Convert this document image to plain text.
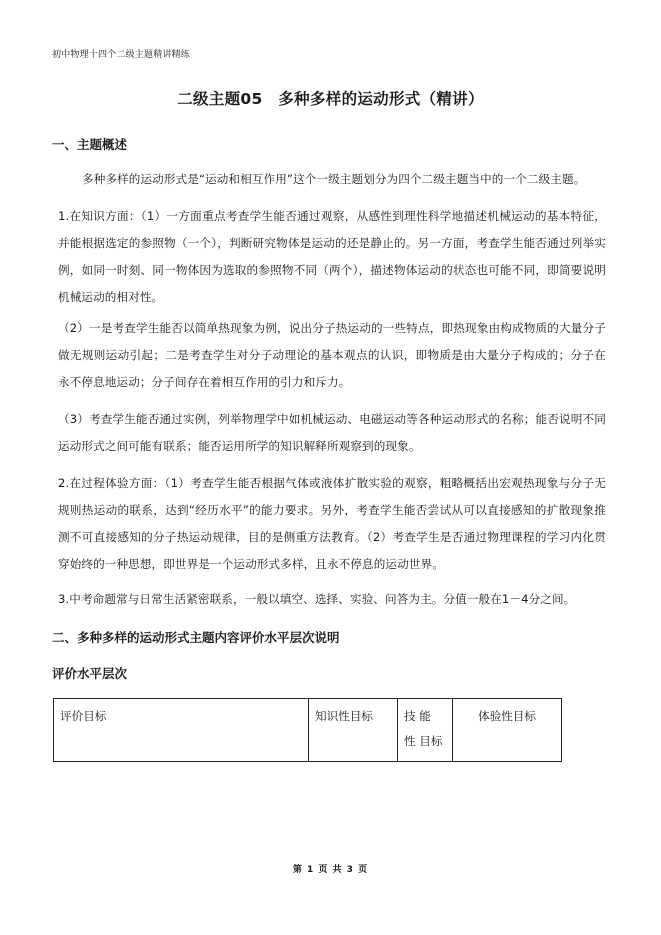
初中物理十四个二级主题精讲精练
二级主题05　多种多样的运动形式（精讲）
一、主题概述
多种多样的运动形式是“运动和相互作用”这个一级主题划分为四个二级主题当中的一个二级主题。
1.在知识方面：（1）一方面重点考查学生能否通过观察，从感性到理性科学地描述机械运动的基本特征，并能根据选定的参照物（一个），判断研究物体是运动的还是静止的。另一方面，考查学生能否通过列举实例，如同一时刻、同一物体因为选取的参照物不同（两个），描述物体运动的状态也可能不同，即简要说明机械运动的相对性。
（2）一是考查学生能否以简单热现象为例，说出分子热运动的一些特点，即热现象由构成物质的大量分子做无规则运动引起；二是考查学生对分子动理论的基本观点的认识，即物质是由大量分子构成的；分子在永不停息地运动；分子间存在着相互作用的引力和斥力。
（3）考查学生能否通过实例，列举物理学中如机械运动、电磁运动等各种运动形式的名称；能否说明不同运动形式之间可能有联系；能否运用所学的知识解释所观察到的现象。
2.在过程体验方面：（1）考查学生能否根据气体或液体扩散实验的观察，粗略概括出宏观热现象与分子无规则热运动的联系，达到“经历水平”的能力要求。另外，考查学生能否尝试从可以直接感知的扩散现象推测不可直接感知的分子热运动规律，目的是侧重方法教育。（2）考查学生是否通过物理课程的学习内化贯穿始终的一种思想，即世界是一个运动形式多样，且永不停息的运动世界。
3.中考命题常与日常生活紧密联系，一般以填空、选择、实验、问答为主。分值一般在1－4分之间。
二、多种多样的运动形式主题内容评价水平层次说明
评价水平层次
评价目标	知识性目标	技 能 性 目标	体验性目标
第 1 页 共 3 页
